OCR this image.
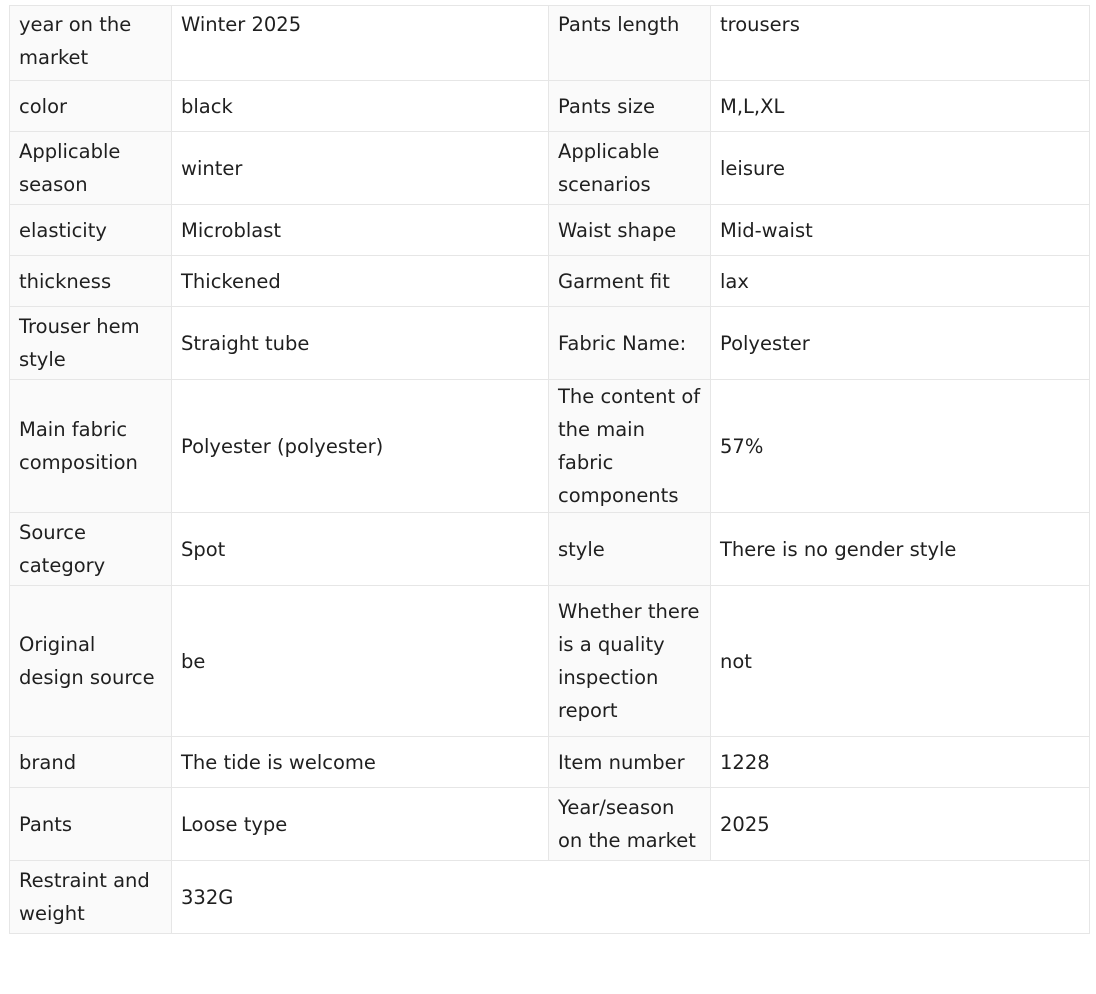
year on the market	Winter 2025	Pants length	trousers
color	black	Pants size	M,L,XL
Applicable season	winter	Applicable scenarios	leisure
elasticity	Microblast	Waist shape	Mid-waist
thickness	Thickened	Garment fit	lax
Trouser hem style	Straight tube	Fabric Name:	Polyester
Main fabric composition	Polyester (polyester)	The content of the main fabric components	57%
Source category	Spot	style	There is no gender style
Original design source	be	Whether there is a quality inspection report	not
brand	The tide is welcome	Item number	1228
Pants	Loose type	Year/season on the market	2025
Restraint and weight	332G		
